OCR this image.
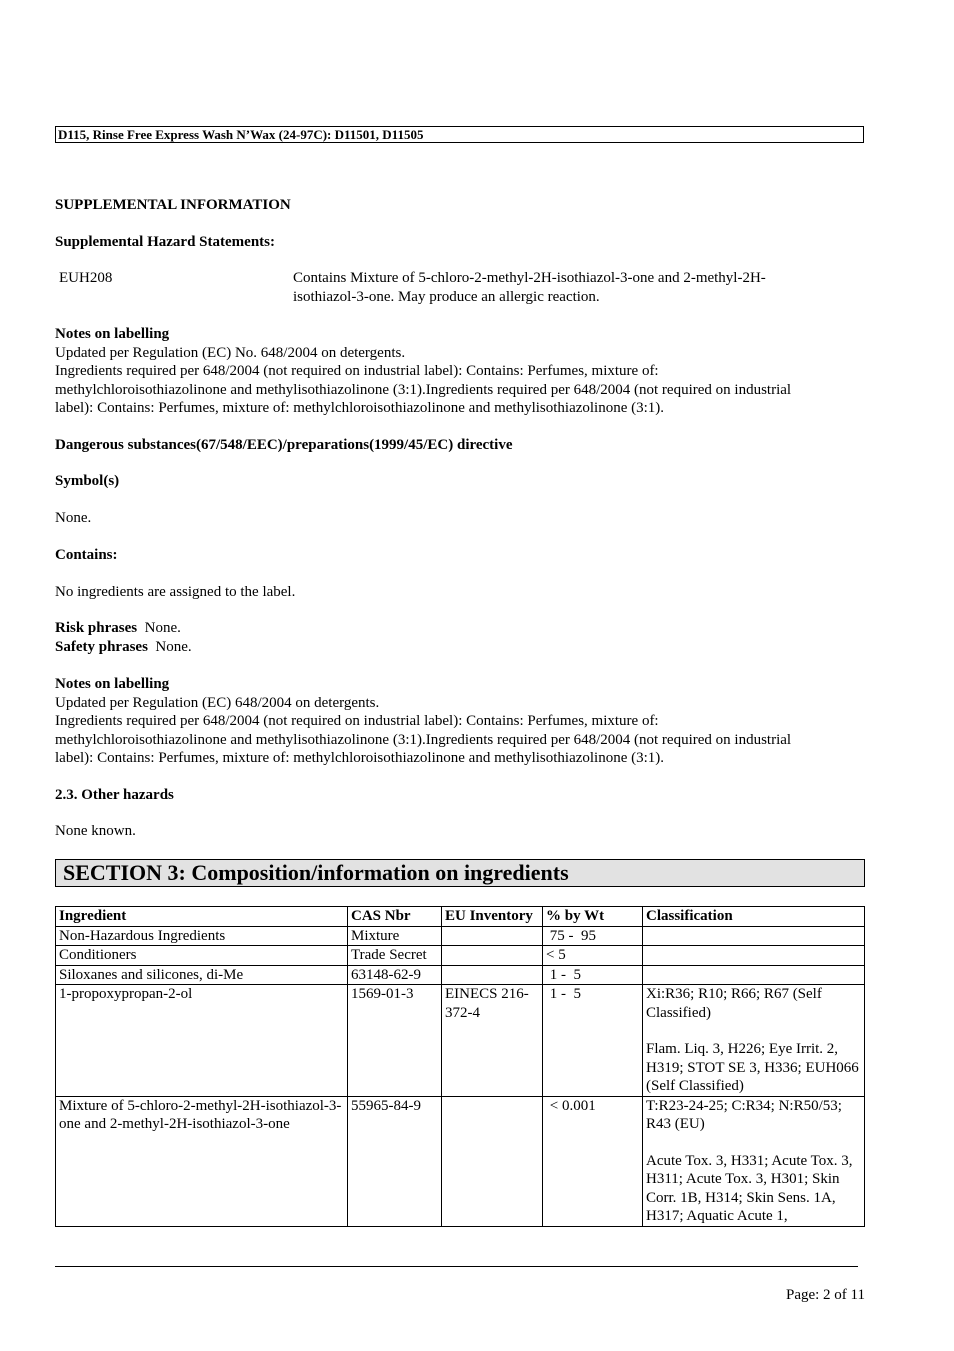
D115, Rinse Free Express Wash N’Wax (24-97C): D11501, D11505
SUPPLEMENTAL INFORMATION
Supplemental Hazard Statements:
EUH208	Contains Mixture of 5-chloro-2-methyl-2H-isothiazol-3-one and 2-methyl-2H-
isothiazol-3-one. May produce an allergic reaction.
Notes on labelling
Updated per Regulation (EC) No. 648/2004 on detergents.
Ingredients required per 648/2004 (not required on industrial label): Contains: Perfumes, mixture of:
methylchloroisothiazolinone and methylisothiazolinone (3:1).Ingredients required per 648/2004 (not required on industrial
label): Contains: Perfumes, mixture of: methylchloroisothiazolinone and methylisothiazolinone (3:1).
Dangerous substances(67/548/EEC)/preparations(1999/45/EC) directive
Symbol(s)
None.
Contains:
No ingredients are assigned to the label.
Risk phrases None.
Safety phrases None.
Notes on labelling
Updated per Regulation (EC) 648/2004 on detergents.
Ingredients required per 648/2004 (not required on industrial label): Contains: Perfumes, mixture of:
methylchloroisothiazolinone and methylisothiazolinone (3:1).Ingredients required per 648/2004 (not required on industrial
label): Contains: Perfumes, mixture of: methylchloroisothiazolinone and methylisothiazolinone (3:1).
2.3. Other hazards
None known.
SECTION 3: Composition/information on ingredients
Ingredient	CAS Nbr	EU Inventory	% by Wt	Classification
Non-Hazardous Ingredients	Mixture		75 -  95	
Conditioners	Trade Secret		< 5	
Siloxanes and silicones, di-Me	63148-62-9		1 -  5	
1-propoxypropan-2-ol	1569-01-3	EINECS 216-372-4	1 -  5	Xi:R36; R10; R66; R67 (Self Classified)
Flam. Liq. 3, H226; Eye Irrit. 2, H319; STOT SE 3, H336; EUH066 (Self Classified)

Mixture of 5-chloro-2-methyl-2H-isothiazol-3-one and 2-methyl-2H-isothiazol-3-one	55965-84-9		< 0.001	T:R23-24-25; C:R34; N:R50/53; R43 (EU)
Acute Tox. 3, H331; Acute Tox. 3, H311; Acute Tox. 3, H301; Skin Corr. 1B, H314; Skin Sens. 1A, H317; Aquatic Acute 1,
Page: 2 of 11
